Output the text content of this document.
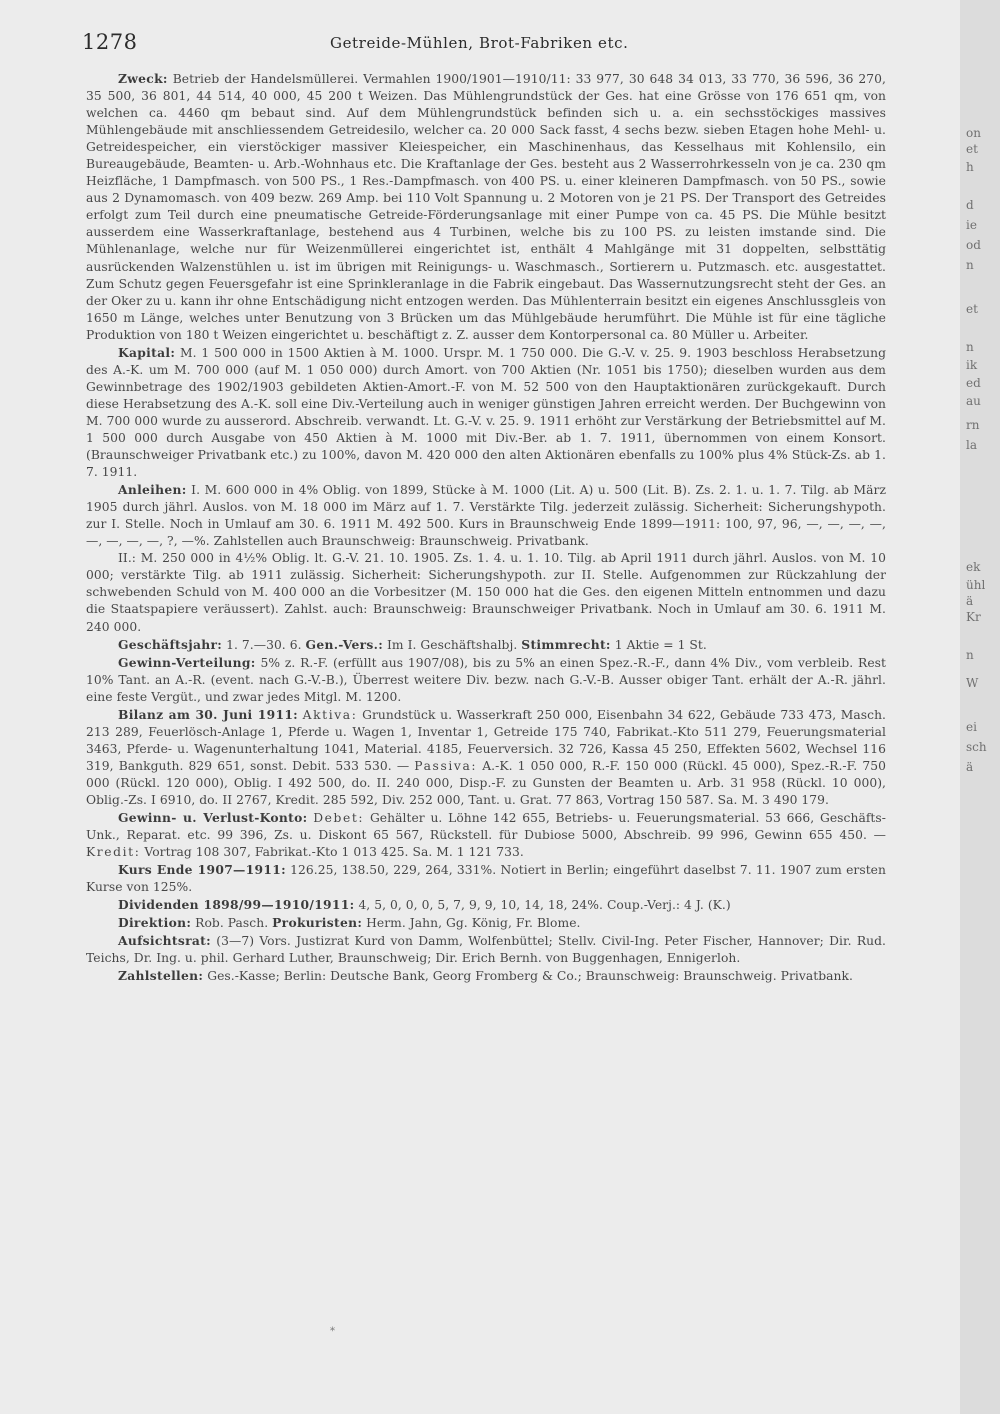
1278	Getreide-Mühlen, Brot-Fabriken etc.

Zweck: Betrieb der Handelsmüllerei. Vermahlen 1900/1901—1910/11: 33 977, 30 648 34 013, 33 770, 36 596, 36 270, 35 500, 36 801, 44 514, 40 000, 45 200 t Weizen. Das Mühlengrundstück der Ges. hat eine Grösse von 176 651 qm, von welchen ca. 4460 qm bebaut sind. Auf dem Mühlengrundstück befinden sich u. a. ein sechsstöckiges massives Mühlengebäude mit anschliessendem Getreidesilo, welcher ca. 20 000 Sack fasst, 4 sechs bezw. sieben Etagen hohe Mehl- u. Getreidespeicher, ein vierstöckiger massiver Kleiespeicher, ein Maschinenhaus, das Kesselhaus mit Kohlensilo, ein Bureaugebäude, Beamten- u. Arb.-Wohnhaus etc. Die Kraftanlage der Ges. besteht aus 2 Wasserrohrkesseln von je ca. 230 qm Heizfläche, 1 Dampfmasch. von 500 PS., 1 Res.-Dampfmasch. von 400 PS. u. einer kleineren Dampfmasch. von 50 PS., sowie aus 2 Dynamomasch. von 409 bezw. 269 Amp. bei 110 Volt Spannung u. 2 Motoren von je 21 PS. Der Transport des Getreides erfolgt zum Teil durch eine pneumatische Getreide-Förderungsanlage mit einer Pumpe von ca. 45 PS. Die Mühle besitzt ausserdem eine Wasserkraftanlage, bestehend aus 4 Turbinen, welche bis zu 100 PS. zu leisten imstande sind. Die Mühlenanlage, welche nur für Weizenmüllerei eingerichtet ist, enthält 4 Mahlgänge mit 31 doppelten, selbsttätig ausrückenden Walzenstühlen u. ist im übrigen mit Reinigungs- u. Waschmasch., Sortierern u. Putzmasch. etc. ausgestattet. Zum Schutz gegen Feuersgefahr ist eine Sprinkleranlage in die Fabrik eingebaut. Das Wassernutzungsrecht steht der Ges. an der Oker zu u. kann ihr ohne Entschädigung nicht entzogen werden. Das Mühlenterrain besitzt ein eigenes Anschlussgleis von 1650 m Länge, welches unter Benutzung von 3 Brücken um das Mühlgebäude herumführt. Die Mühle ist für eine tägliche Produktion von 180 t Weizen eingerichtet u. beschäftigt z. Z. ausser dem Kontorpersonal ca. 80 Müller u. Arbeiter.

Kapital: M. 1 500 000 in 1500 Aktien à M. 1000. Urspr. M. 1 750 000. Die G.-V. v. 25. 9. 1903 beschloss Herabsetzung des A.-K. um M. 700 000 (auf M. 1 050 000) durch Amort. von 700 Aktien (Nr. 1051 bis 1750); dieselben wurden aus dem Gewinnbetrage des 1902/1903 gebildeten Aktien-Amort.-F. von M. 52 500 von den Hauptaktionären zurückgekauft. Durch diese Herabsetzung des A.-K. soll eine Div.-Verteilung auch in weniger günstigen Jahren erreicht werden. Der Buchgewinn von M. 700 000 wurde zu ausserord. Abschreib. verwandt. Lt. G.-V. v. 25. 9. 1911 erhöht zur Verstärkung der Betriebsmittel auf M. 1 500 000 durch Ausgabe von 450 Aktien à M. 1000 mit Div.-Ber. ab 1. 7. 1911, übernommen von einem Konsort. (Braunschweiger Privatbank etc.) zu 100%, davon M. 420 000 den alten Aktionären ebenfalls zu 100% plus 4% Stück-Zs. ab 1. 7. 1911.

Anleihen: I. M. 600 000 in 4% Oblig. von 1899, Stücke à M. 1000 (Lit. A) u. 500 (Lit. B). Zs. 2. 1. u. 1. 7. Tilg. ab März 1905 durch jährl. Auslos. von M. 18 000 im März auf 1. 7. Verstärkte Tilg. jederzeit zulässig. Sicherheit: Sicherungshypoth. zur I. Stelle. Noch in Umlauf am 30. 6. 1911 M. 492 500. Kurs in Braunschweig Ende 1899—1911: 100, 97, 96, —, —, —, —, —, —, —, —, ?, —%. Zahlstellen auch Braunschweig: Braunschweig. Privatbank.

II.: M. 250 000 in 4½% Oblig. lt. G.-V. 21. 10. 1905. Zs. 1. 4. u. 1. 10. Tilg. ab April 1911 durch jährl. Auslos. von M. 10 000; verstärkte Tilg. ab 1911 zulässig. Sicherheit: Sicherungshypoth. zur II. Stelle. Aufgenommen zur Rückzahlung der schwebenden Schuld von M. 400 000 an die Vorbesitzer (M. 150 000 hat die Ges. den eigenen Mitteln entnommen und dazu die Staatspapiere veräussert). Zahlst. auch: Braunschweig: Braunschweiger Privatbank. Noch in Umlauf am 30. 6. 1911 M. 240 000.

Geschäftsjahr: 1. 7.—30. 6. Gen.-Vers.: Im I. Geschäftshalbj. Stimmrecht: 1 Aktie = 1 St.

Gewinn-Verteilung: 5% z. R.-F. (erfüllt aus 1907/08), bis zu 5% an einen Spez.-R.-F., dann 4% Div., vom verbleib. Rest 10% Tant. an A.-R. (event. nach G.-V.-B.), Überrest weitere Div. bezw. nach G.-V.-B. Ausser obiger Tant. erhält der A.-R. jährl. eine feste Vergüt., und zwar jedes Mitgl. M. 1200.

Bilanz am 30. Juni 1911: Aktiva: Grundstück u. Wasserkraft 250 000, Eisenbahn 34 622, Gebäude 733 473, Masch. 213 289, Feuerlösch-Anlage 1, Pferde u. Wagen 1, Inventar 1, Getreide 175 740, Fabrikat.-Kto 511 279, Feuerungsmaterial 3463, Pferde- u. Wagenunterhaltung 1041, Material. 4185, Feuerversich. 32 726, Kassa 45 250, Effekten 5602, Wechsel 116 319, Bankguth. 829 651, sonst. Debit. 533 530. — Passiva: A.-K. 1 050 000, R.-F. 150 000 (Rückl. 45 000), Spez.-R.-F. 750 000 (Rückl. 120 000), Oblig. I 492 500, do. II. 240 000, Disp.-F. zu Gunsten der Beamten u. Arb. 31 958 (Rückl. 10 000), Oblig.-Zs. I 6910, do. II 2767, Kredit. 285 592, Div. 252 000, Tant. u. Grat. 77 863, Vortrag 150 587. Sa. M. 3 490 179.

Gewinn- u. Verlust-Konto: Debet: Gehälter u. Löhne 142 655, Betriebs- u. Feuerungsmaterial. 53 666, Geschäfts-Unk., Reparat. etc. 99 396, Zs. u. Diskont 65 567, Rückstell. für Dubiose 5000, Abschreib. 99 996, Gewinn 655 450. — Kredit: Vortrag 108 307, Fabrikat.-Kto 1 013 425. Sa. M. 1 121 733.

Kurs Ende 1907—1911: 126.25, 138.50, 229, 264, 331%. Notiert in Berlin; eingeführt daselbst 7. 11. 1907 zum ersten Kurse von 125%.

Dividenden 1898/99—1910/1911: 4, 5, 0, 0, 0, 5, 7, 9, 9, 10, 14, 18, 24%. Coup.-Verj.: 4 J. (K.)

Direktion: Rob. Pasch. Prokuristen: Herm. Jahn, Gg. König, Fr. Blome.

Aufsichtsrat: (3—7) Vors. Justizrat Kurd von Damm, Wolfenbüttel; Stellv. Civil-Ing. Peter Fischer, Hannover; Dir. Rud. Teichs, Dr. Ing. u. phil. Gerhard Luther, Braunschweig; Dir. Erich Bernh. von Buggenhagen, Ennigerloh.

Zahlstellen: Ges.-Kasse; Berlin: Deutsche Bank, Georg Fromberg & Co.; Braunschweig: Braunschweig. Privatbank.

*
on
et
h
d
ie
od
n
et
n
ik
ed
au
rn
la
ek
ühl
ä
Kr
n
W
ei
sch
ä
